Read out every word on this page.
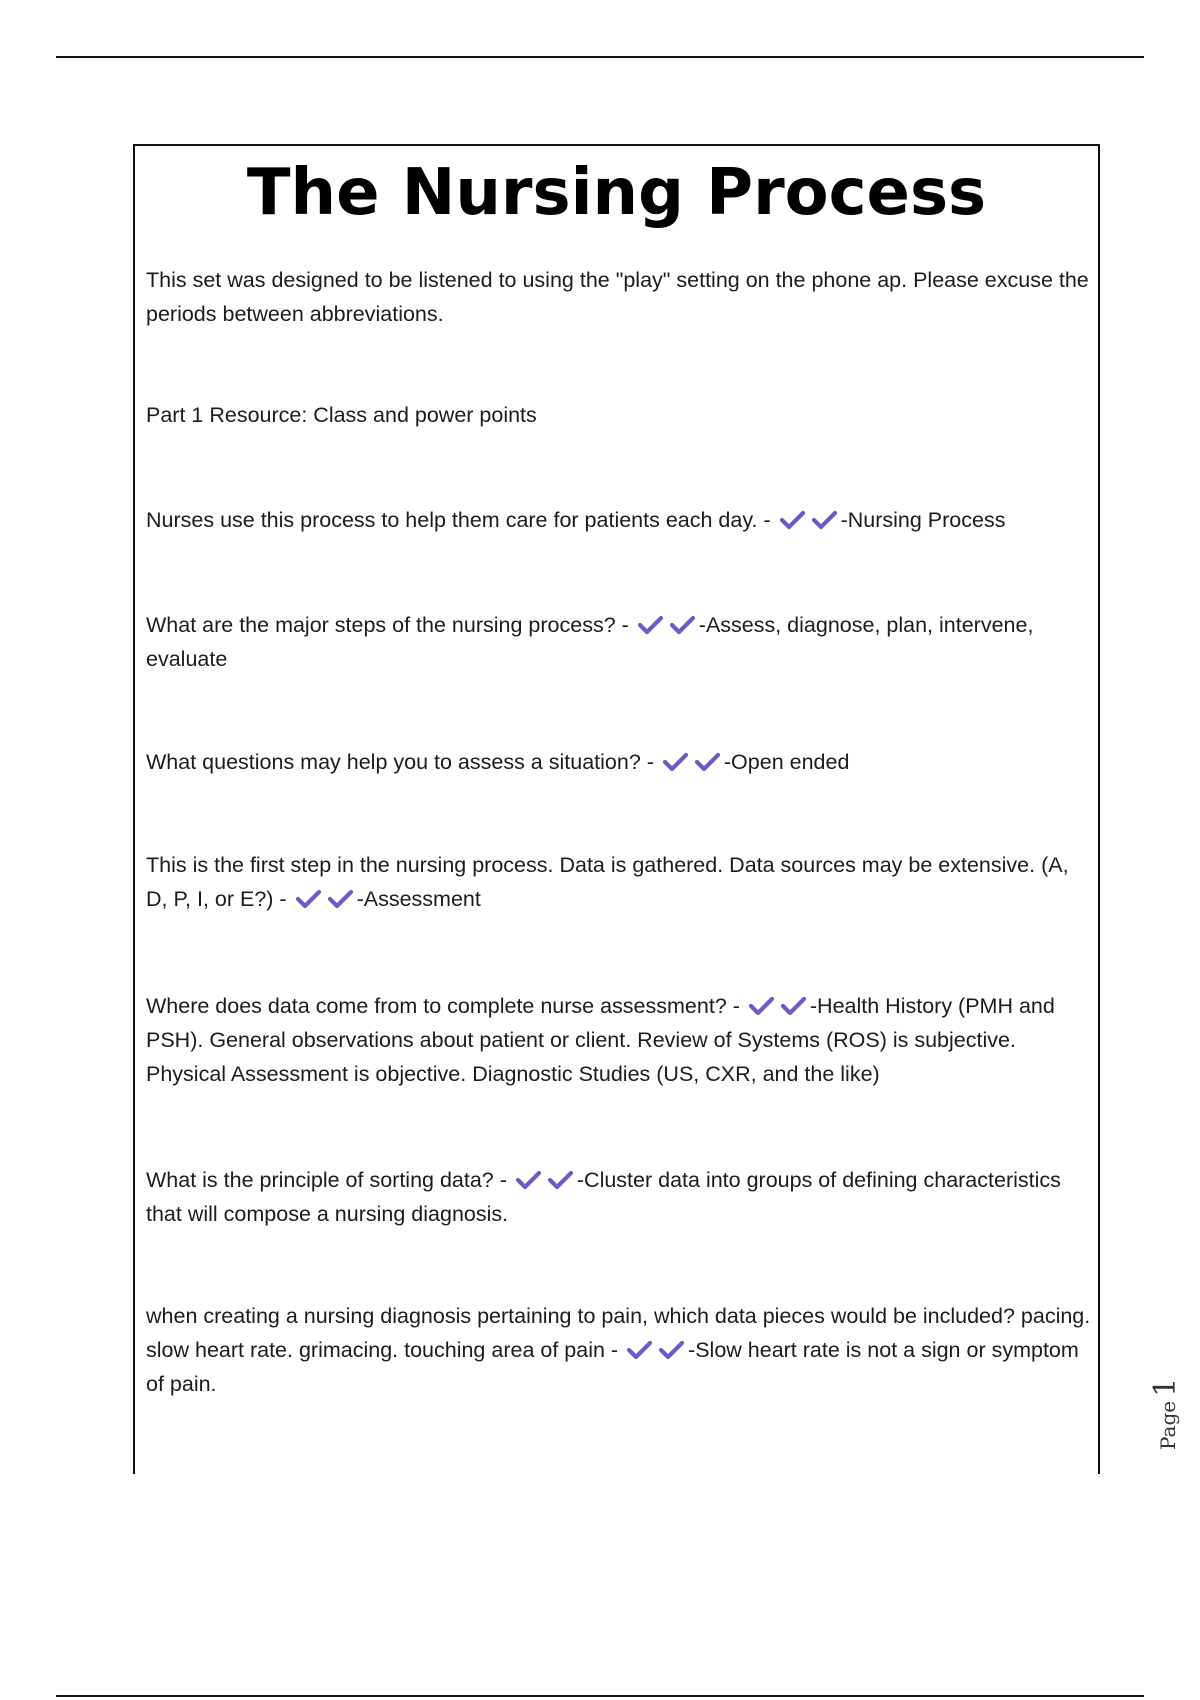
The Nursing Process

This set was designed to be listened to using the "play" setting on the phone ap. Please excuse the periods between abbreviations.

Part 1 Resource: Class and power points

Nurses use this process to help them care for patients each day. -	-Nursing Process

What are the major steps of the nursing process? -	-Assess, diagnose, plan, intervene, evaluate

What questions may help you to assess a situation? -	-Open ended

This is the first step in the nursing process. Data is gathered. Data sources may be extensive. (A, D, P, I, or E?) -	-Assessment

Where does data come from to complete nurse assessment? -	-Health History (PMH and PSH). General observations about patient or client. Review of Systems (ROS) is subjective. Physical Assessment is objective. Diagnostic Studies (US, CXR, and the like)

What is the principle of sorting data? -	-Cluster data into groups of defining characteristics that will compose a nursing diagnosis.

when creating a nursing diagnosis pertaining to pain, which data pieces would be included? pacing. slow heart rate. grimacing. touching area of pain -	-Slow heart rate is not a sign or symptom of pain.

Page1
